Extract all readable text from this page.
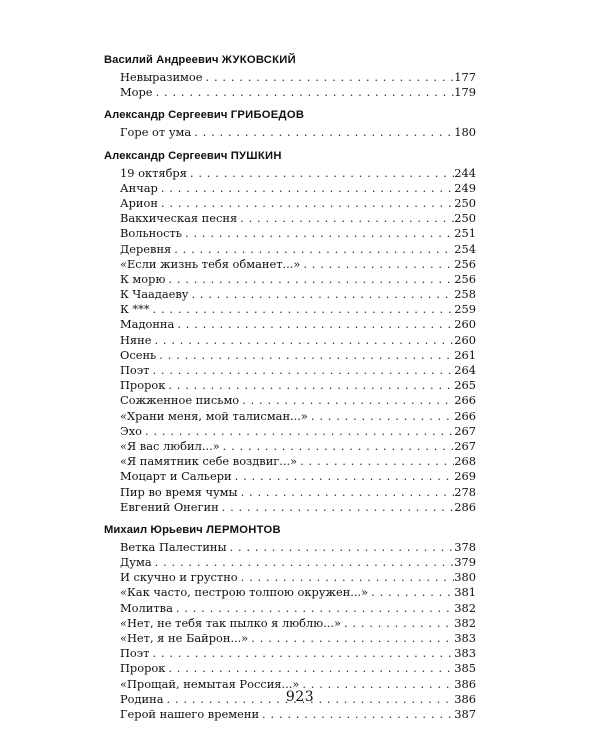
Василий Андреевич ЖУКОВСКИЙ
Невыразимое . . .	177
Море . . .	179
Александр Сергеевич ГРИБОЕДОВ
Горе от ума . . .	180
Александр Сергеевич ПУШКИН
19 октября . . .	244
Анчар . . .	249
Арион . . .	250
Вакхическая песня . . .	250
Вольность . . .	251
Деревня . . .	254
«Если жизнь тебя обманет...» . . .	256
К морю . . .	256
К Чаадаеву . . .	258
К *** . . .	259
Мадонна . . .	260
Няне . . .	260
Осень . . .	261
Поэт . . .	264
Пророк . . .	265
Сожженное письмо . . .	266
«Храни меня, мой талисман...» . . .	266
Эхо . . .	267
«Я вас любил...» . . .	267
«Я памятник себе воздвиг...» . . .	268
Моцарт и Сальери . . .	269
Пир во время чумы . . .	278
Евгений Онегин . . .	286
Михаил Юрьевич ЛЕРМОНТОВ
Ветка Палестины . . .	378
Дума . . .	379
И скучно и грустно . . .	380
«Как часто, пестрою толпою окружен...» . . .	381
Молитва . . .	382
«Нет, не тебя так пылко я люблю...» . . .	382
«Нет, я не Байрон...» . . .	383
Поэт . . .	383
Пророк . . .	385
«Прощай, немытая Россия...» . . .	386
Родина . . .	386
Герой нашего времени . . .	387
923
